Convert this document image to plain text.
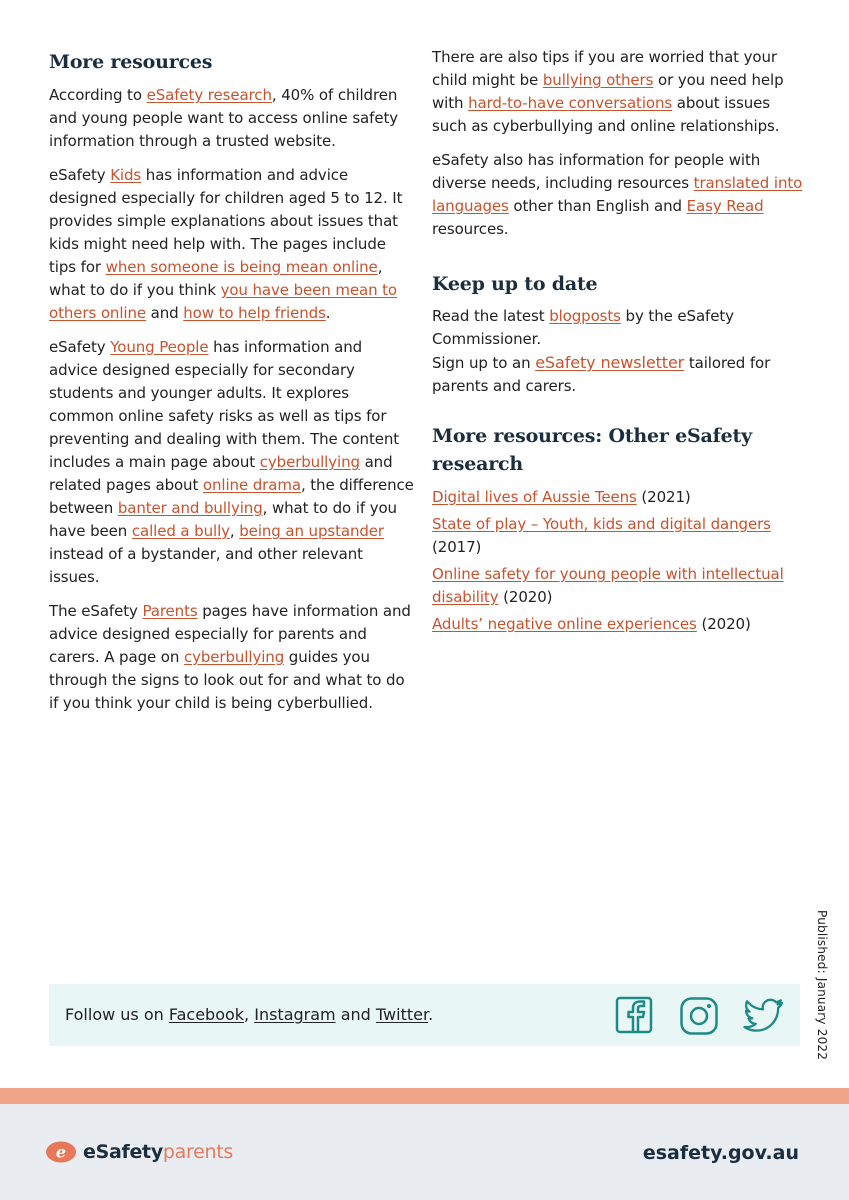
More resources

According to eSafety research, 40% of children and young people want to access online safety information through a trusted website.

eSafety Kids has information and advice designed especially for children aged 5 to 12. It provides simple explanations about issues that kids might need help with. The pages include tips for when someone is being mean online, what to do if you think you have been mean to others online and how to help friends.

eSafety Young People has information and advice designed especially for secondary students and younger adults. It explores common online safety risks as well as tips for preventing and dealing with them. The content includes a main page about cyberbullying and related pages about online drama, the difference between banter and bullying, what to do if you have been called a bully, being an upstander instead of a bystander, and other relevant issues.

The eSafety Parents pages have information and advice designed especially for parents and carers. A page on cyberbullying guides you through the signs to look out for and what to do if you think your child is being cyberbullied.

There are also tips if you are worried that your child might be bullying others or you need help with hard-to-have conversations about issues such as cyberbullying and online relationships.

eSafety also has information for people with diverse needs, including resources translated into languages other than English and Easy Read resources.

Keep up to date

Read the latest blogposts by the eSafety Commissioner.

Sign up to an eSafety newsletter tailored for parents and carers.

More resources: Other eSafety research

Digital lives of Aussie Teens (2021)

State of play – Youth, kids and digital dangers (2017)

Online safety for young people with intellectual disability (2020)

Adults’ negative online experiences (2020)

Published: January 2022
Follow us on Facebook, Instagram and Twitter.
e eSafetyparents	esafety.gov.au
